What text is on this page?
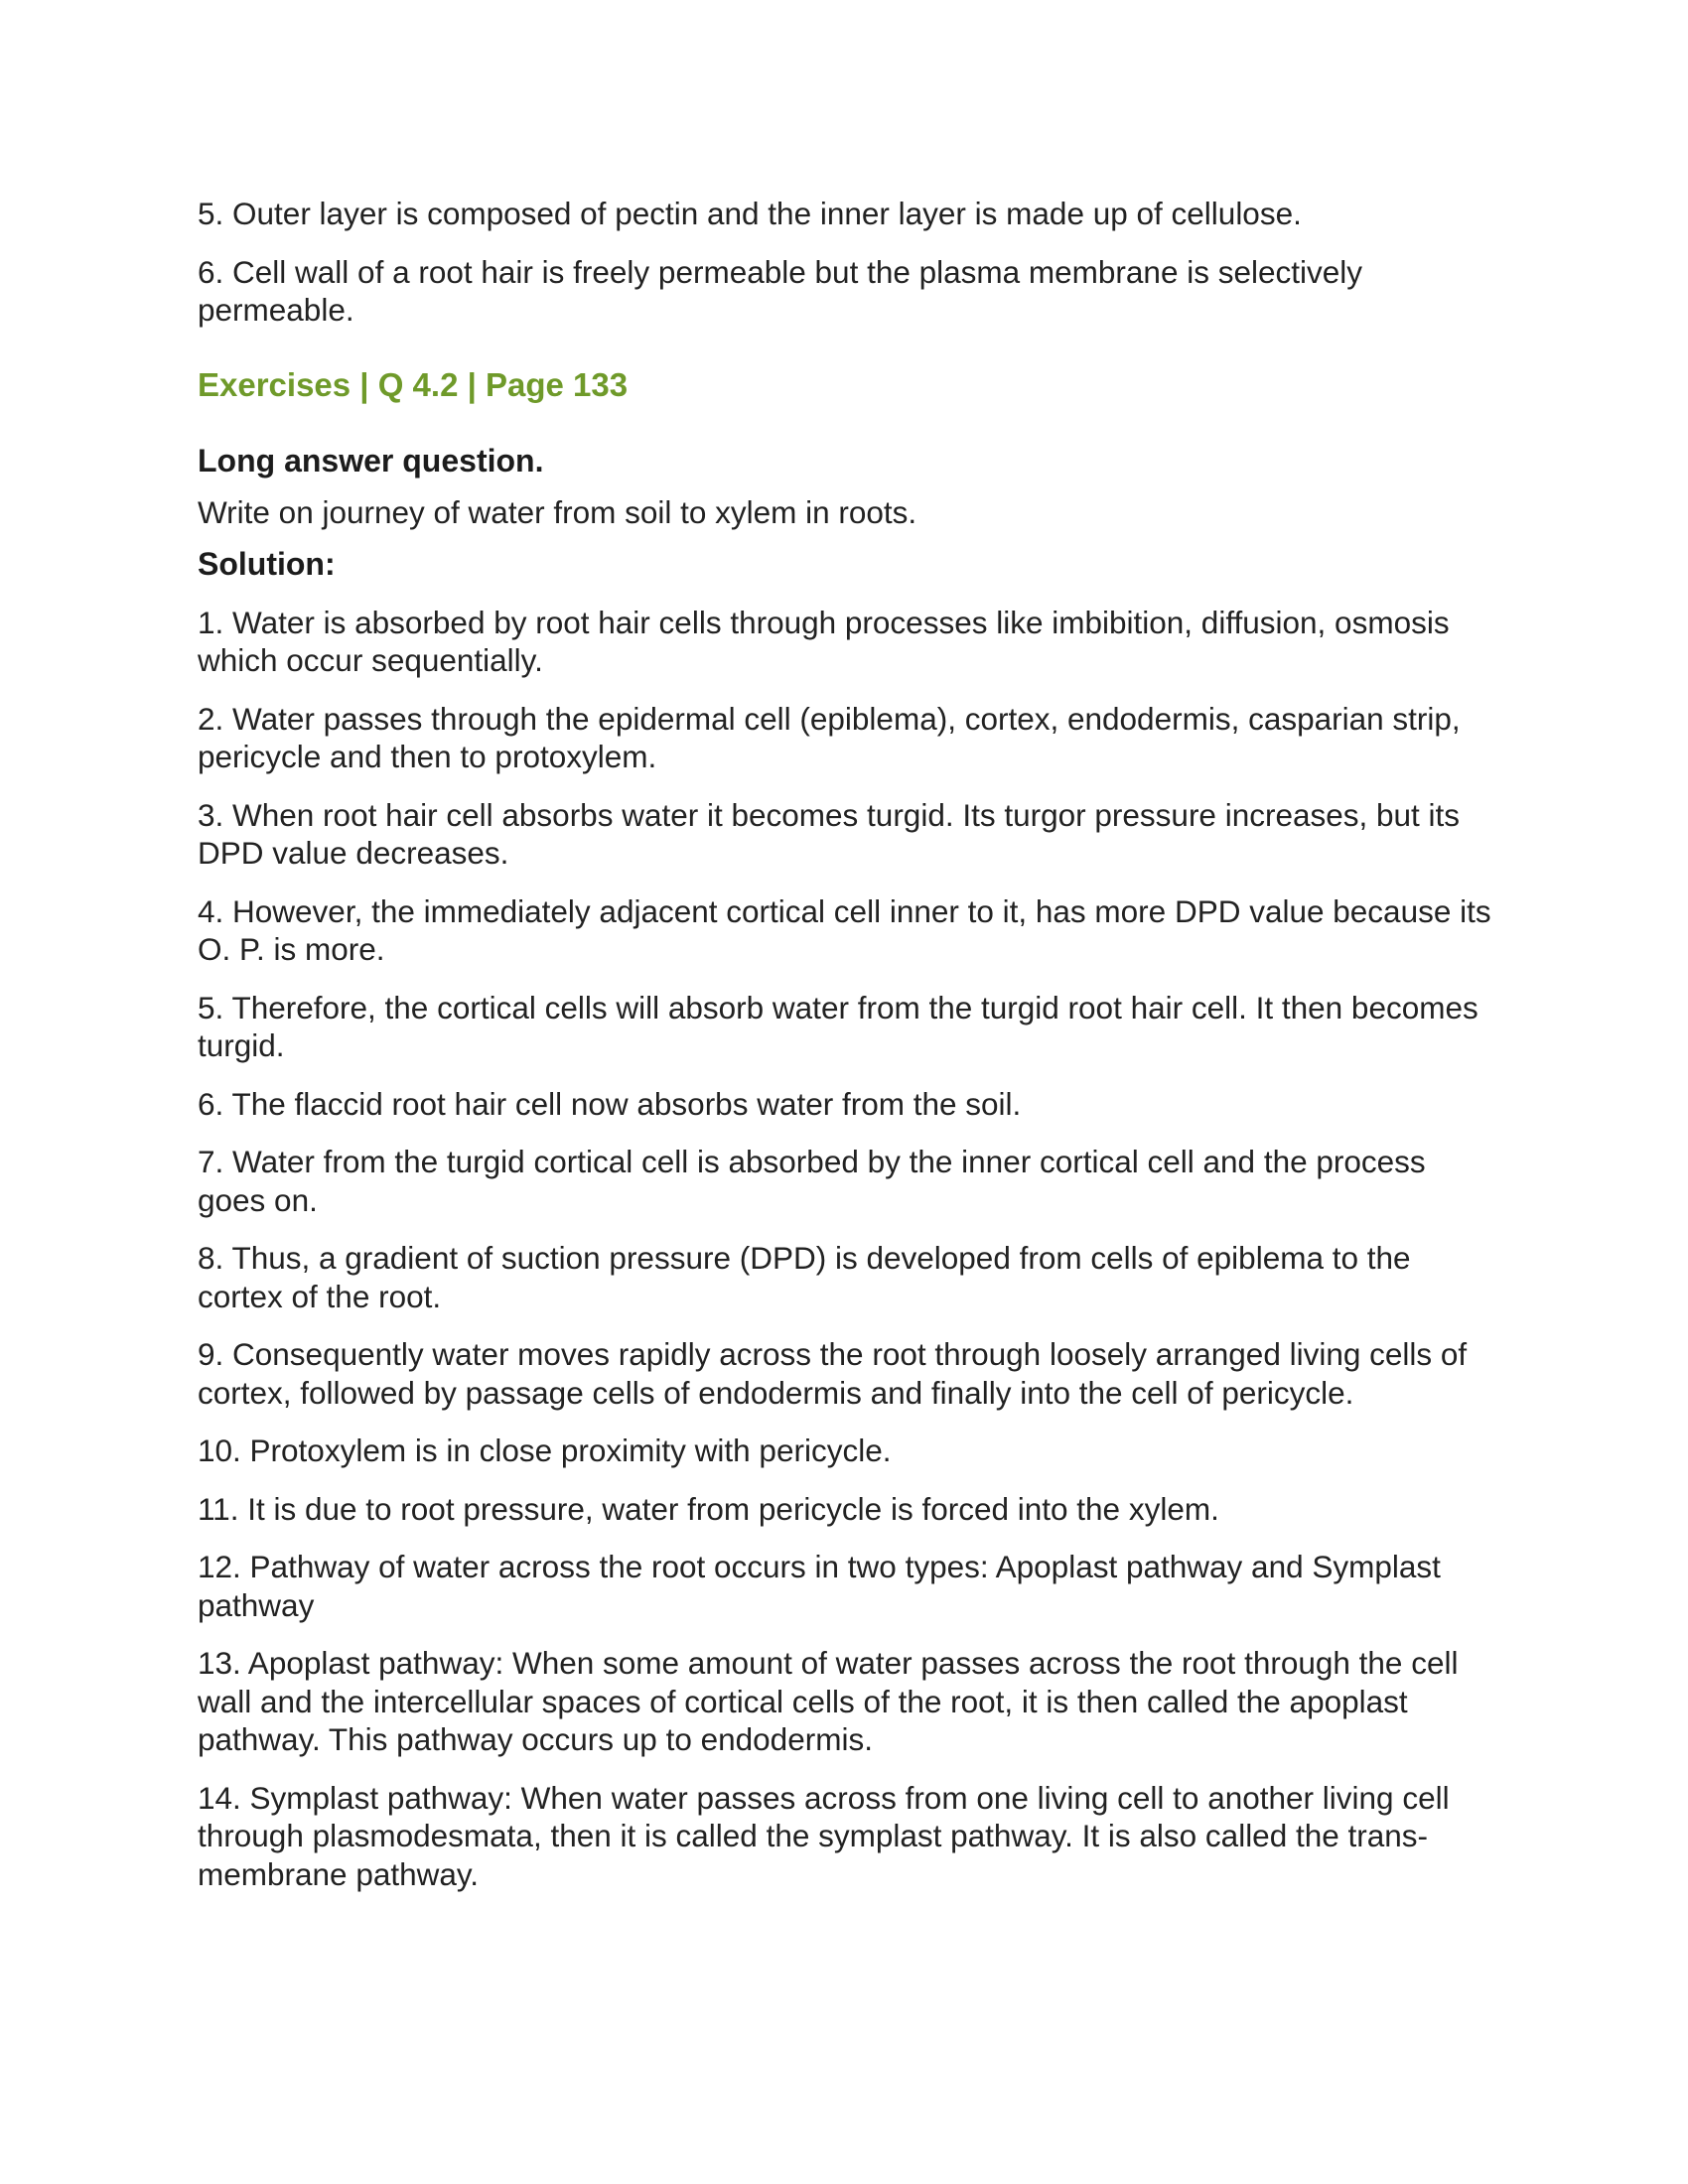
5. Outer layer is composed of pectin and the inner layer is made up of cellulose.

6. Cell wall of a root hair is freely permeable but the plasma membrane is selectively permeable.

Exercises | Q 4.2 | Page 133
Long answer question.
Write on journey of water from soil to xylem in roots.
Solution:

1. Water is absorbed by root hair cells through processes like imbibition, diffusion, osmosis which occur sequentially.

2. Water passes through the epidermal cell (epiblema), cortex, endodermis, casparian strip, pericycle and then to protoxylem.

3. When root hair cell absorbs water it becomes turgid. Its turgor pressure increases, but its DPD value decreases.

4. However, the immediately adjacent cortical cell inner to it, has more DPD value because its O. P. is more.

5. Therefore, the cortical cells will absorb water from the turgid root hair cell. It then becomes turgid.

6. The flaccid root hair cell now absorbs water from the soil.

7. Water from the turgid cortical cell is absorbed by the inner cortical cell and the process goes on.

8. Thus, a gradient of suction pressure (DPD) is developed from cells of epiblema to the cortex of the root.

9. Consequently water moves rapidly across the root through loosely arranged living cells of cortex, followed by passage cells of endodermis and finally into the cell of pericycle.

10. Protoxylem is in close proximity with pericycle.

11. It is due to root pressure, water from pericycle is forced into the xylem.

12. Pathway of water across the root occurs in two types: Apoplast pathway and Symplast pathway

13. Apoplast pathway: When some amount of water passes across the root through the cell wall and the intercellular spaces of cortical cells of the root, it is then called the apoplast pathway. This pathway occurs up to endodermis.

14. Symplast pathway: When water passes across from one living cell to another living cell through plasmodesmata, then it is called the symplast pathway. It is also called the trans-membrane pathway.
